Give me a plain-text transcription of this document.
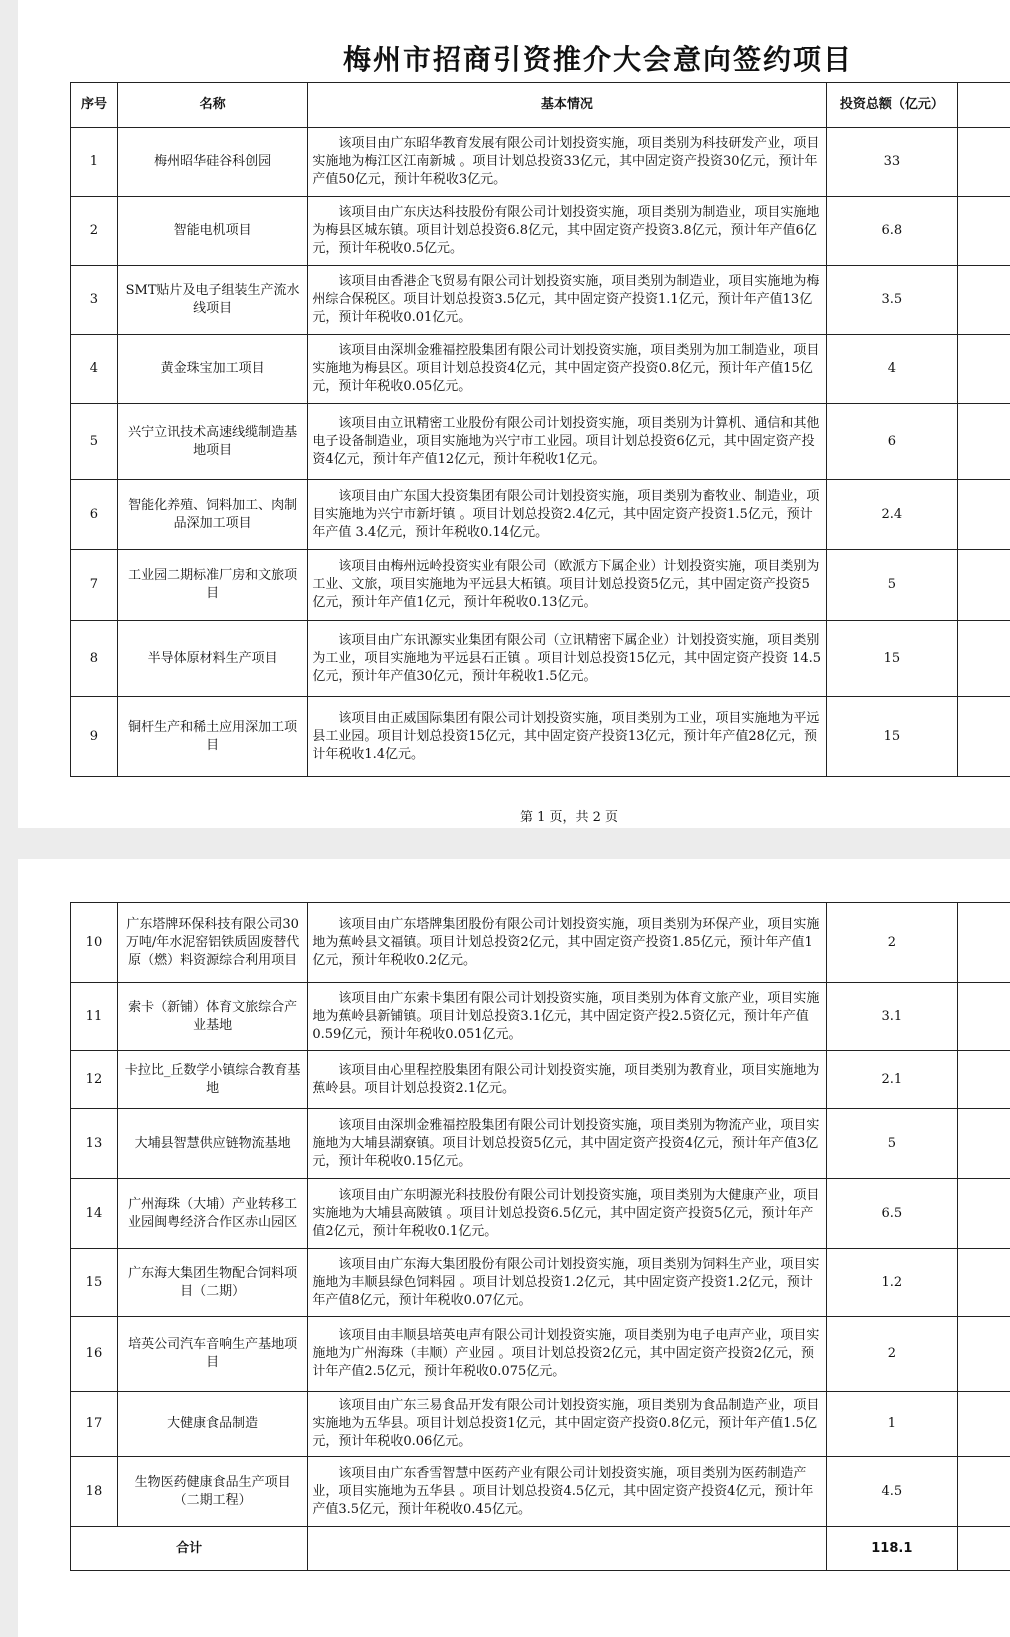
梅州市招商引资推介大会意向签约项目
序号	名称	基本情况	投资总额（亿元）	
1	梅州昭华硅谷科创园	该项目由广东昭华教育发展有限公司计划投资实施，项目类别为科技研发产业，项目实施地为梅江区江南新城 。项目计划总投资33亿元，其中固定资产投资30亿元，预计年产值50亿元，预计年税收3亿元。	33	
2	智能电机项目	该项目由广东庆达科技股份有限公司计划投资实施，项目类别为制造业，项目实施地为梅县区城东镇。项目计划总投资6.8亿元，其中固定资产投资3.8亿元，预计年产值6亿元，预计年税收0.5亿元。	6.8	
3	SMT贴片及电子组装生产流水线项目	该项目由香港企飞贸易有限公司计划投资实施，项目类别为制造业，项目实施地为梅州综合保税区。项目计划总投资3.5亿元，其中固定资产投资1.1亿元，预计年产值13亿元，预计年税收0.01亿元。	3.5	
4	黄金珠宝加工项目	该项目由深圳金雅福控股集团有限公司计划投资实施，项目类别为加工制造业，项目实施地为梅县区。项目计划总投资4亿元，其中固定资产投资0.8亿元，预计年产值15亿元，预计年税收0.05亿元。	4	
5	兴宁立讯技术高速线缆制造基地项目	该项目由立讯精密工业股份有限公司计划投资实施，项目类别为计算机、通信和其他电子设备制造业，项目实施地为兴宁市工业园。项目计划总投资6亿元，其中固定资产投资4亿元，预计年产值12亿元，预计年税收1亿元。	6	
6	智能化养殖、饲料加工、肉制品深加工项目	该项目由广东国大投资集团有限公司计划投资实施，项目类别为畜牧业、制造业，项目实施地为兴宁市新圩镇 。项目计划总投资2.4亿元，其中固定资产投资1.5亿元，预计年产值 3.4亿元，预计年税收0.14亿元。	2.4	
7	工业园二期标准厂房和文旅项目	该项目由梅州远岭投资实业有限公司（欧派方下属企业）计划投资实施，项目类别为工业、文旅，项目实施地为平远县大柘镇。项目计划总投资5亿元，其中固定资产投资5亿元，预计年产值1亿元，预计年税收0.13亿元。	5	
8	半导体原材料生产项目	该项目由广东讯源实业集团有限公司（立讯精密下属企业）计划投资实施，项目类别为工业，项目实施地为平远县石正镇 。项目计划总投资15亿元，其中固定资产投资 14.5亿元，预计年产值30亿元，预计年税收1.5亿元。	15	
9	铜杆生产和稀土应用深加工项目	该项目由正威国际集团有限公司计划投资实施，项目类别为工业，项目实施地为平远县工业园。项目计划总投资15亿元，其中固定资产投资13亿元，预计年产值28亿元，预计年税收1.4亿元。	15	
第 1 页，共 2 页
10	广东塔牌环保科技有限公司30万吨/年水泥窑铝铁质固废替代原（燃）料资源综合利用项目	该项目由广东塔牌集团股份有限公司计划投资实施，项目类别为环保产业，项目实施地为蕉岭县文福镇。项目计划总投资2亿元，其中固定资产投资1.85亿元，预计年产值1亿元，预计年税收0.2亿元。	2	
11	索卡（新铺）体育文旅综合产业基地	该项目由广东索卡集团有限公司计划投资实施，项目类别为体育文旅产业，项目实施地为蕉岭县新铺镇。项目计划总投资3.1亿元，其中固定资产投2.5资亿元，预计年产值0.59亿元，预计年税收0.051亿元。	3.1	
12	卡拉比_丘数学小镇综合教育基地	该项目由心里程控股集团有限公司计划投资实施，项目类别为教育业，项目实施地为蕉岭县。项目计划总投资2.1亿元。	2.1	
13	大埔县智慧供应链物流基地	该项目由深圳金雅福控股集团有限公司计划投资实施，项目类别为物流产业，项目实施地为大埔县湖寮镇。项目计划总投资5亿元，其中固定资产投资4亿元，预计年产值3亿元，预计年税收0.15亿元。	5	
14	广州海珠（大埔）产业转移工业园闽粤经济合作区赤山园区	该项目由广东明源光科技股份有限公司计划投资实施，项目类别为大健康产业，项目实施地为大埔县高陂镇 。项目计划总投资6.5亿元，其中固定资产投资5亿元，预计年产值2亿元，预计年税收0.1亿元。	6.5	
15	广东海大集团生物配合饲料项目（二期）	该项目由广东海大集团股份有限公司计划投资实施，项目类别为饲料生产业，项目实施地为丰顺县绿色饲料园 。项目计划总投资1.2亿元，其中固定资产投资1.2亿元，预计年产值8亿元，预计年税收0.07亿元。	1.2	
16	培英公司汽车音响生产基地项目	该项目由丰顺县培英电声有限公司计划投资实施，项目类别为电子电声产业，项目实施地为广州海珠（丰顺）产业园 。项目计划总投资2亿元，其中固定资产投资2亿元，预计年产值2.5亿元，预计年税收0.075亿元。	2	
17	大健康食品制造	该项目由广东三易食品开发有限公司计划投资实施，项目类别为食品制造产业，项目实施地为五华县。项目计划总投资1亿元，其中固定资产投资0.8亿元，预计年产值1.5亿元，预计年税收0.06亿元。	1	
18	生物医药健康食品生产项目（二期工程）	该项目由广东香雪智慧中医药产业有限公司计划投资实施，项目类别为医药制造产业，项目实施地为五华县 。项目计划总投资4.5亿元，其中固定资产投资4亿元，预计年产值3.5亿元，预计年税收0.45亿元。	4.5	
合计			118.1	
